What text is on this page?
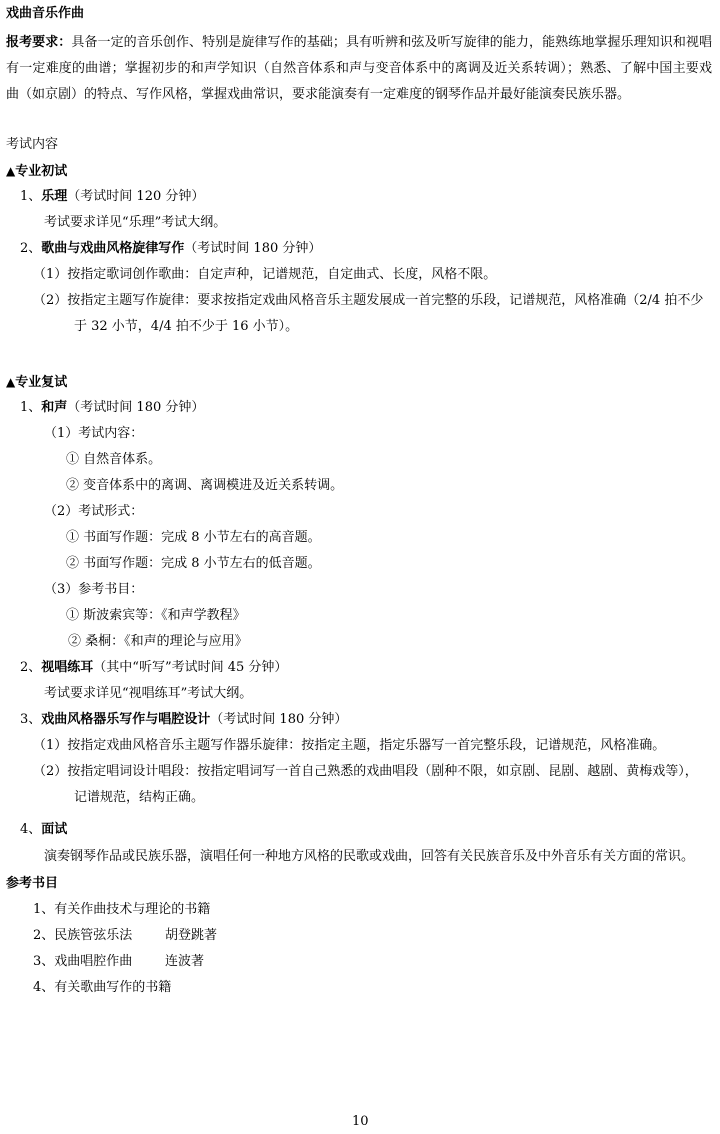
戏曲音乐作曲
报考要求：具备一定的音乐创作、特别是旋律写作的基础；具有听辨和弦及听写旋律的能力，能熟练地掌握乐理知识和视唱有一定难度的曲谱；掌握初步的和声学知识（自然音体系和声与变音体系中的离调及近关系转调）；熟悉、了解中国主要戏曲（如京剧）的特点、写作风格，掌握戏曲常识，要求能演奏有一定难度的钢琴作品并最好能演奏民族乐器。
考试内容
▲专业初试
1、乐理（考试时间 120 分钟）
考试要求详见“乐理”考试大纲。
2、歌曲与戏曲风格旋律写作（考试时间 180 分钟）
（1）按指定歌词创作歌曲：自定声种，记谱规范，自定曲式、长度，风格不限。
（2）按指定主题写作旋律：要求按指定戏曲风格音乐主题发展成一首完整的乐段，记谱规范，风格准确（2/4 拍不少
于 32 小节，4/4 拍不少于 16 小节）。
▲专业复试
1、和声（考试时间 180 分钟）
（1）考试内容：
① 自然音体系。
② 变音体系中的离调、离调模进及近关系转调。
（2）考试形式：
① 书面写作题：完成 8 小节左右的高音题。
② 书面写作题：完成 8 小节左右的低音题。
（3）参考书目：
① 斯波索宾等：《和声学教程》
② 桑桐：《和声的理论与应用》
2、视唱练耳（其中“听写”考试时间 45 分钟）
考试要求详见“视唱练耳”考试大纲。
3、戏曲风格器乐写作与唱腔设计（考试时间 180 分钟）
（1）按指定戏曲风格音乐主题写作器乐旋律：按指定主题，指定乐器写一首完整乐段，记谱规范，风格准确。
（2）按指定唱词设计唱段：按指定唱词写一首自己熟悉的戏曲唱段（剧种不限，如京剧、昆剧、越剧、黄梅戏等），
记谱规范，结构正确。
4、面试
演奏钢琴作品或民族乐器，演唱任何一种地方风格的民歌或戏曲，回答有关民族音乐及中外音乐有关方面的常识。
参考书目
1、有关作曲技术与理论的书籍
2、民族管弦乐法	胡登跳著
3、戏曲唱腔作曲	连波著
4、有关歌曲写作的书籍
10
